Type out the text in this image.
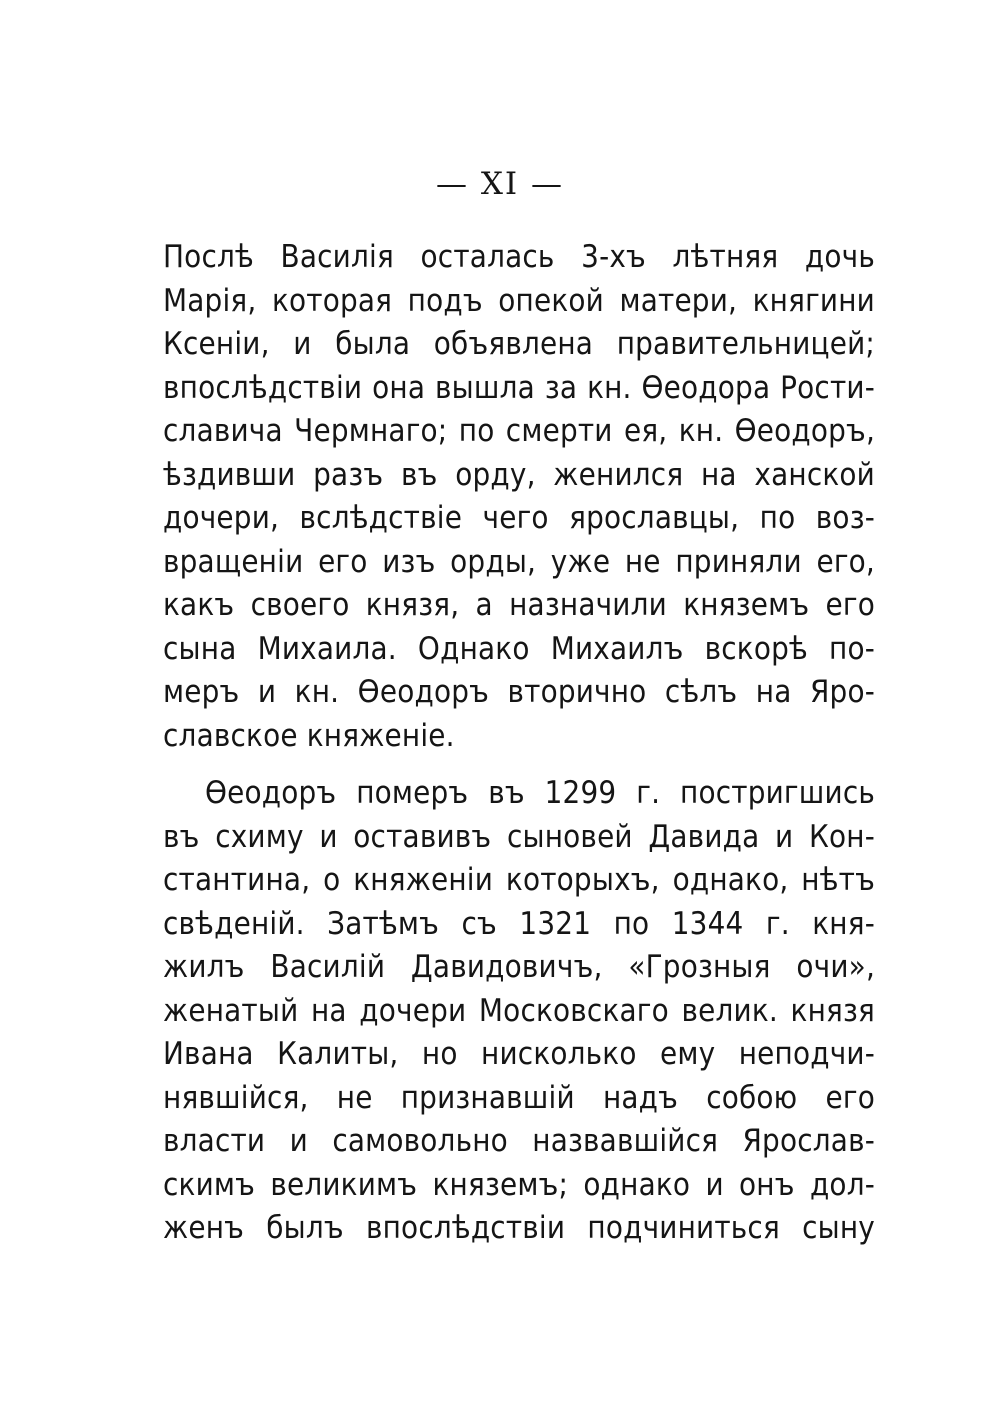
— XI —

Послѣ Василія осталась 3-хъ лѣтняя дочь
Марія, которая подъ опекой матери, княгини
Ксеніи, и была объявлена правительницей;
впослѣдствіи она вышла за кн. Ѳеодора Рости-
славича Чермнаго; по смерти ея, кн. Ѳеодоръ,
ѣздивши разъ въ орду, женился на ханской
дочери, вслѣдствіе чего ярославцы, по воз-
вращеніи его изъ орды, уже не приняли его,
какъ своего князя, а назначили княземъ его
сына Михаила. Однако Михаилъ вскорѣ по-
меръ и кн. Ѳеодоръ вторично сѣлъ на Яро-
славское княженіе.

Ѳеодоръ померъ въ 1299 г. постригшись
въ схиму и оставивъ сыновей Давида и Кон-
стантина, о княженіи которыхъ, однако, нѣтъ
свѣденій. Затѣмъ съ 1321 по 1344 г. кня-
жилъ Василій Давидовичъ, «Грозныя очи»,
женатый на дочери Московскаго велик. князя
Ивана Калиты, но нисколько ему неподчи-
нявшійся, не признавшій надъ собою его
власти и самовольно назвавшійся Ярослав-
скимъ великимъ княземъ; однако и онъ дол-
женъ былъ впослѣдствіи подчиниться сыну
